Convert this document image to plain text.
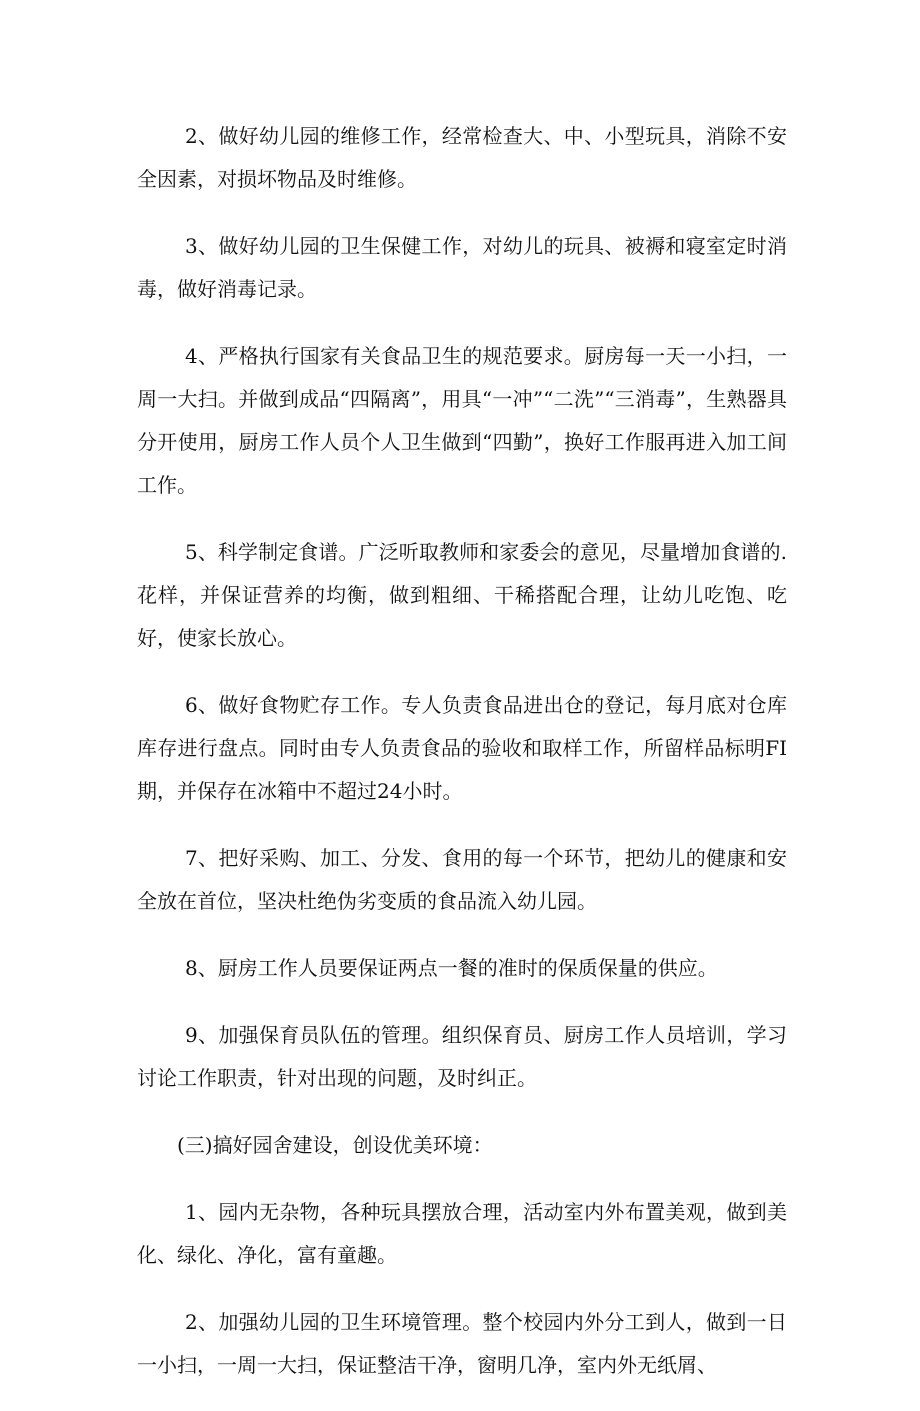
2、做好幼儿园的维修工作，经常检查大、中、小型玩具，消除不安全因素，对损坏物品及时维修。

3、做好幼儿园的卫生保健工作，对幼儿的玩具、被褥和寝室定时消毒，做好消毒记录。

4、严格执行国家有关食品卫生的规范要求。厨房每一天一小扫，一周一大扫。并做到成品“四隔离”，用具“一冲”“二洗”“三消毒”，生熟器具分开使用，厨房工作人员个人卫生做到“四勤”，换好工作服再进入加工间工作。

5、科学制定食谱。广泛听取教师和家委会的意见，尽量增加食谱的.花样，并保证营养的均衡，做到粗细、干稀搭配合理，让幼儿吃饱、吃好，使家长放心。

6、做好食物贮存工作。专人负责食品进出仓的登记，每月底对仓库库存进行盘点。同时由专人负责食品的验收和取样工作，所留样品标明FI期，并保存在冰箱中不超过24小时。

7、把好采购、加工、分发、食用的每一个环节，把幼儿的健康和安全放在首位，坚决杜绝伪劣变质的食品流入幼儿园。

8、厨房工作人员要保证两点一餐的准时的保质保量的供应。

9、加强保育员队伍的管理。组织保育员、厨房工作人员培训，学习讨论工作职责，针对出现的问题，及时纠正。

(三)搞好园舍建设，创设优美环境：

1、园内无杂物，各种玩具摆放合理，活动室内外布置美观，做到美化、绿化、净化，富有童趣。

2、加强幼儿园的卫生环境管理。整个校园内外分工到人，做到一日一小扫，一周一大扫，保证整洁干净，窗明几净，室内外无纸屑、
